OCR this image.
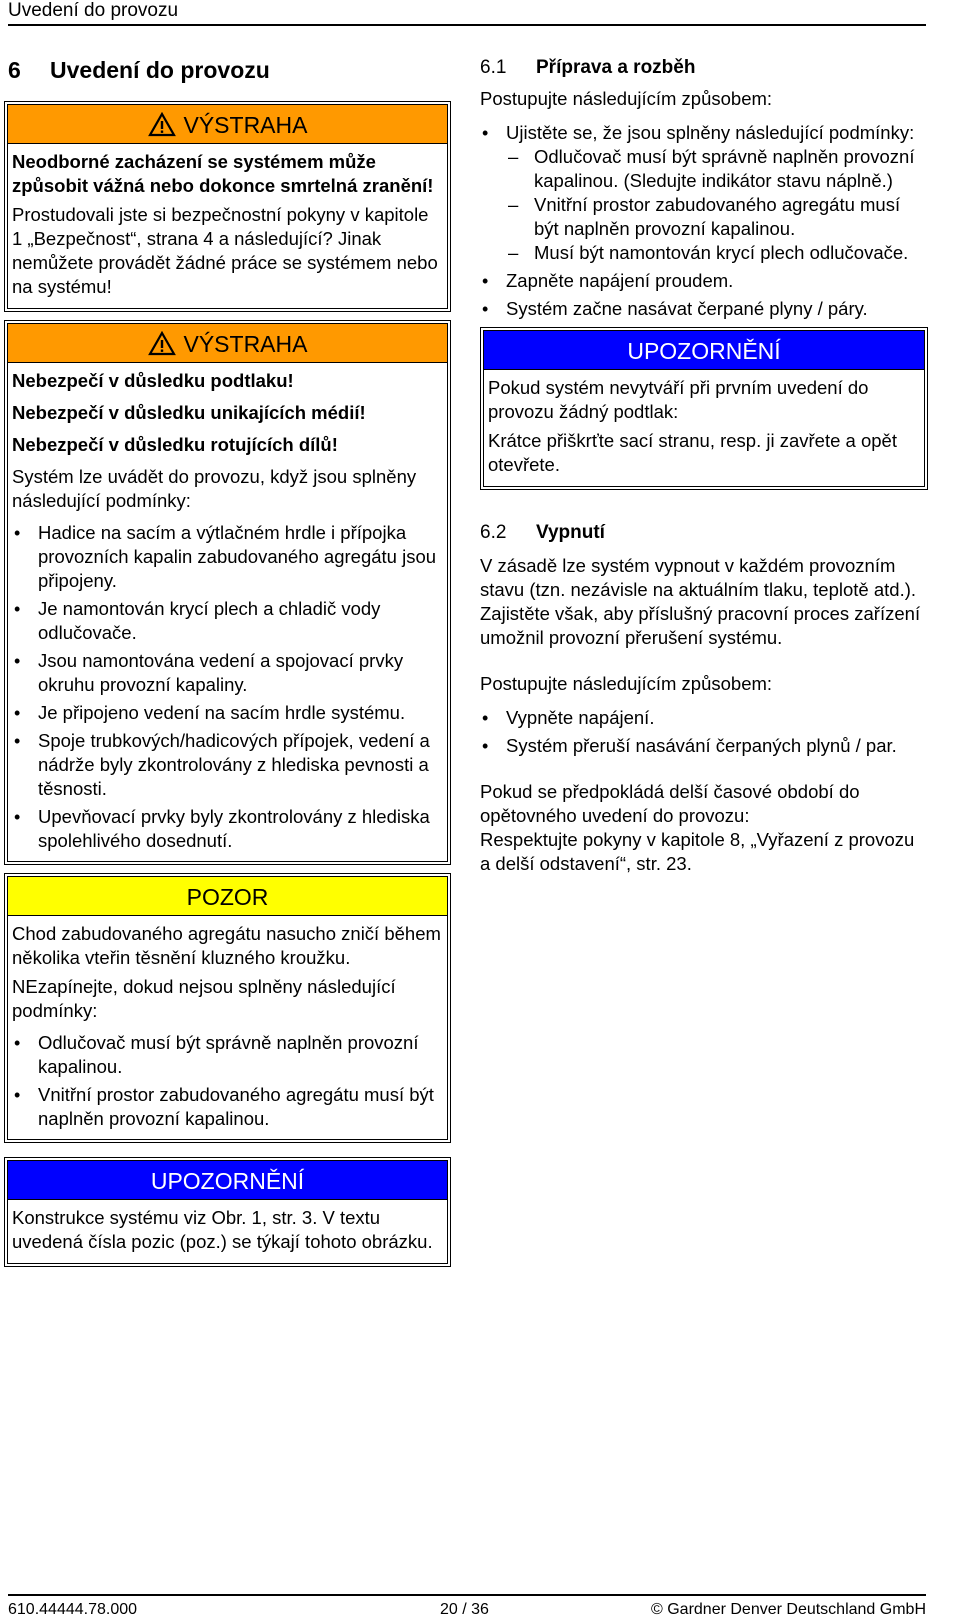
Uvedení do provozu
6 Uvedení do provozu
VÝSTRAHA

Neodborné zacházení se systémem může způsobit vážná nebo dokonce smrtelná zranění!

Prostudovali jste si bezpečnostní pokyny v kapitole 1 „Bezpečnost“, strana 4 a následující? Jinak nemůžete provádět žádné práce se systémem nebo na systému!

VÝSTRAHA

Nebezpečí v důsledku podtlaku!

Nebezpečí v důsledku unikajících médií!

Nebezpečí v důsledku rotujících dílů!

Systém lze uvádět do provozu, když jsou splněny následující podmínky:

• Hadice na sacím a výtlačném hrdle i přípojka provozních kapalin zabudovaného agregátu jsou připojeny.
• Je namontován krycí plech a chladič vody odlučovače.
• Jsou namontována vedení a spojovací prvky okruhu provozní kapaliny.
• Je připojeno vedení na sacím hrdle systému.
• Spoje trubkových/hadicových přípojek, vedení a nádrže byly zkontrolovány z hlediska pevnosti a těsnosti.
• Upevňovací prvky byly zkontrolovány z hlediska spolehlivého dosednutí.
POZOR

Chod zabudovaného agregátu nasucho zničí během několika vteřin těsnění kluzného kroužku.

NEzapínejte, dokud nejsou splněny následující podmínky:

• Odlučovač musí být správně naplněn provozní kapalinou.
• Vnitřní prostor zabudovaného agregátu musí být naplněn provozní kapalinou.
UPOZORNĚNÍ

Konstrukce systému viz Obr. 1, str. 3. V textu uvedená čísla pozic (poz.) se týkají tohoto obrázku.

6.1 Příprava a rozběh

Postupujte následujícím způsobem:

• Ujistěte se, že jsou splněny následující podmínky:
– Odlučovač musí být správně naplněn provozní kapalinou. (Sledujte indikátor stavu náplně.)
– Vnitřní prostor zabudovaného agregátu musí být naplněn provozní kapalinou.
– Musí být namontován krycí plech odlučovače.
• Zapněte napájení proudem.
• Systém začne nasávat čerpané plyny / páry.
UPOZORNĚNÍ

Pokud systém nevytváří při prvním uvedení do provozu žádný podtlak:

Krátce přiškrťte sací stranu, resp. ji zavřete a opět otevřete.

6.2 Vypnutí

V zásadě lze systém vypnout v každém provozním stavu (tzn. nezávisle na aktuálním tlaku, teplotě atd.).

Zajistěte však, aby příslušný pracovní proces zařízení umožnil provozní přerušení systému.

Postupujte následujícím způsobem:

• Vypněte napájení.
• Systém přeruší nasávání čerpaných plynů / par.

Pokud se předpokládá delší časové období do opětovného uvedení do provozu:

Respektujte pokyny v kapitole 8, „Vyřazení z provozu a delší odstavení“, str. 23.

610.44444.78.000	20 / 36	© Gardner Denver Deutschland GmbH
